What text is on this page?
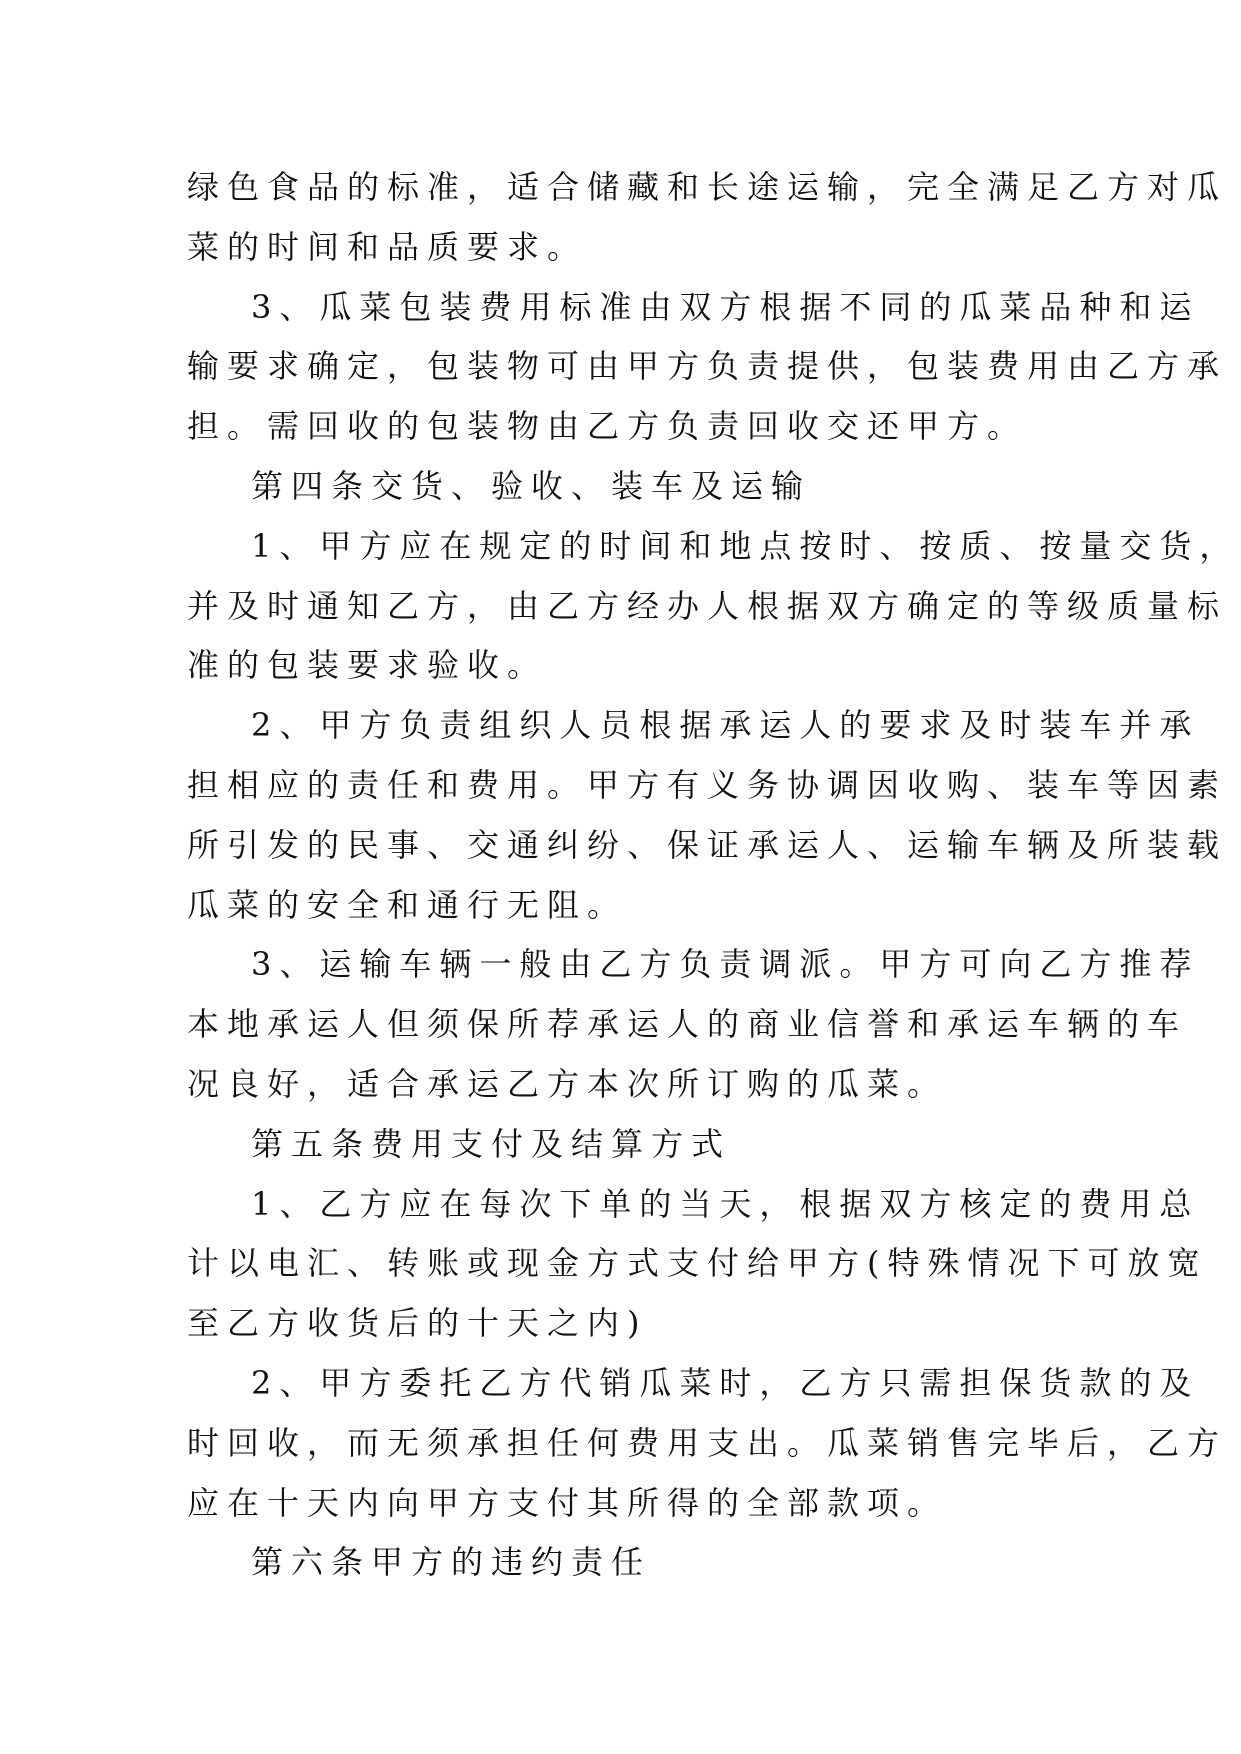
绿色食品的标准，适合储藏和长途运输，完全满足乙方对瓜
菜的时间和品质要求。
3、瓜菜包装费用标准由双方根据不同的瓜菜品种和运
输要求确定，包装物可由甲方负责提供，包装费用由乙方承
担。需回收的包装物由乙方负责回收交还甲方。
第四条交货、验收、装车及运输
1、甲方应在规定的时间和地点按时、按质、按量交货，
并及时通知乙方，由乙方经办人根据双方确定的等级质量标
准的包装要求验收。
2、甲方负责组织人员根据承运人的要求及时装车并承
担相应的责任和费用。甲方有义务协调因收购、装车等因素
所引发的民事、交通纠纷、保证承运人、运输车辆及所装载
瓜菜的安全和通行无阻。
3、运输车辆一般由乙方负责调派。甲方可向乙方推荐
本地承运人但须保所荐承运人的商业信誉和承运车辆的车
况良好，适合承运乙方本次所订购的瓜菜。
第五条费用支付及结算方式
1、乙方应在每次下单的当天，根据双方核定的费用总
计以电汇、转账或现金方式支付给甲方(特殊情况下可放宽
至乙方收货后的十天之内)
2、甲方委托乙方代销瓜菜时，乙方只需担保货款的及
时回收，而无须承担任何费用支出。瓜菜销售完毕后，乙方
应在十天内向甲方支付其所得的全部款项。
第六条甲方的违约责任
